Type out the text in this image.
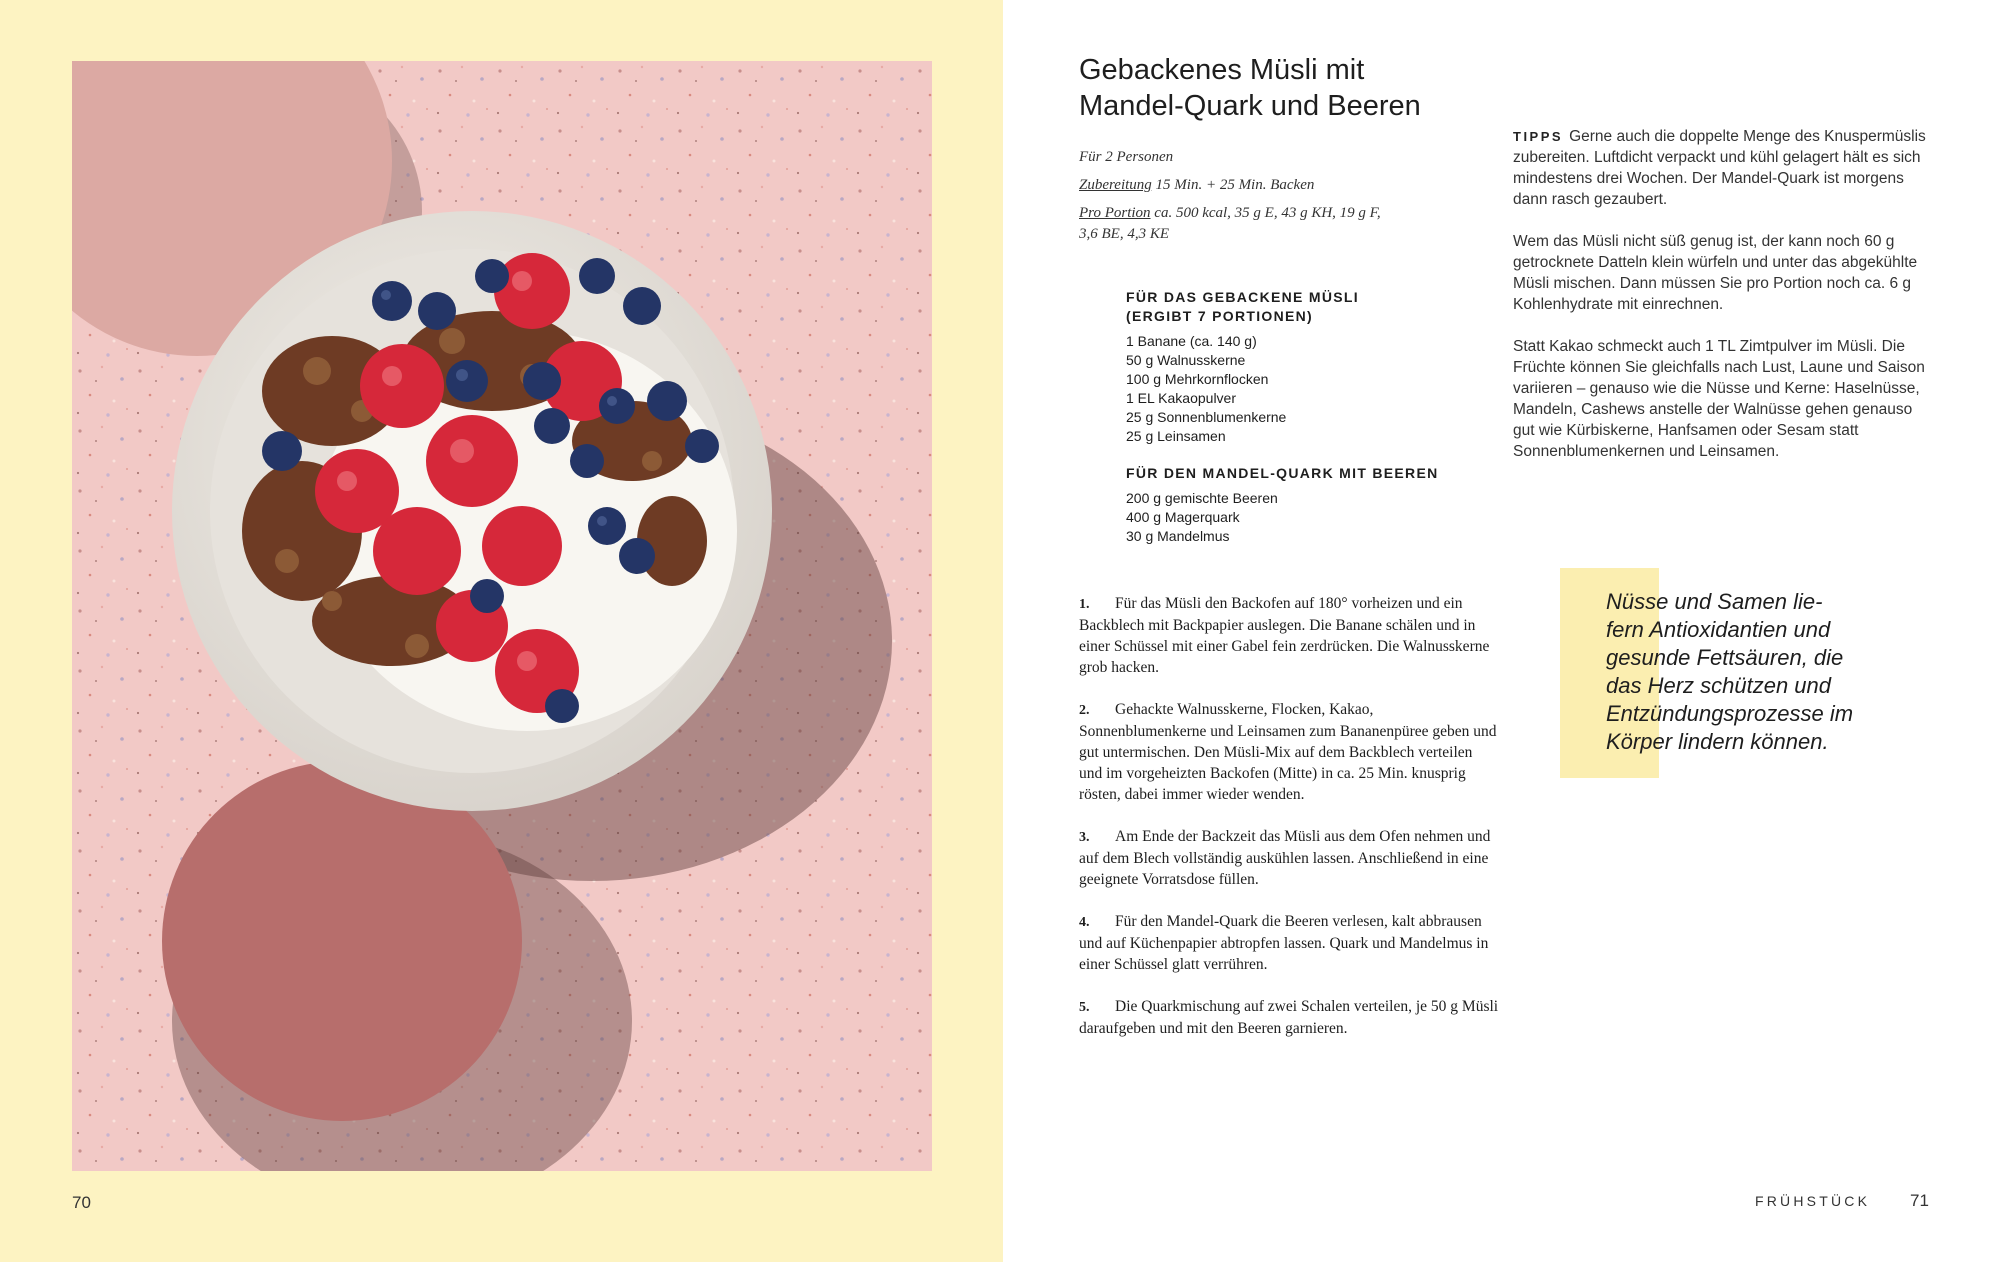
70
Gebackenes Müsli mit
Mandel-Quark und Beeren

Für 2 Personen

Zubereitung 15 Min. + 25 Min. Backen

Pro Portion ca. 500 kcal, 35 g E, 43 g KH, 19 g F,
3,6 BE, 4,3 KE

FÜR DAS GEBACKENE MÜSLI
(ERGIBT 7 PORTIONEN)
1 Banane (ca. 140 g)
50 g Walnusskerne
100 g Mehrkornflocken
1 EL Kakaopulver
25 g Sonnenblumenkerne
25 g Leinsamen
FÜR DEN MANDEL-QUARK MIT BEEREN
200 g gemischte Beeren
400 g Magerquark
30 g Mandelmus

1. Für das Müsli den Backofen auf 180° vorheizen und ein Backblech mit Backpapier auslegen. Die Banane schälen und in einer Schüssel mit einer Gabel fein zerdrücken. Die Walnusskerne grob hacken.

2. Gehackte Walnusskerne, Flocken, Kakao, Sonnenblumenkerne und Leinsamen zum Bananenpüree geben und gut untermischen. Den Müsli-Mix auf dem Backblech verteilen und im vorgeheizten Backofen (Mitte) in ca. 25 Min. knusprig rösten, dabei immer wieder wenden.

3. Am Ende der Backzeit das Müsli aus dem Ofen nehmen und auf dem Blech vollständig auskühlen lassen. Anschließend in eine geeignete Vorratsdose füllen.

4. Für den Mandel-Quark die Beeren verlesen, kalt abbrausen und auf Küchenpapier abtropfen lassen. Quark und Mandelmus in einer Schüssel glatt verrühren.

5. Die Quarkmischung auf zwei Schalen verteilen, je 50 g Müsli daraufgeben und mit den Beeren garnieren.

TIPPS Gerne auch die doppelte Menge des Knuspermüslis zubereiten. Luftdicht verpackt und kühl gelagert hält es sich mindestens drei Wochen. Der Mandel-Quark ist morgens dann rasch gezaubert.

Wem das Müsli nicht süß genug ist, der kann noch 60 g getrocknete Datteln klein würfeln und unter das abgekühlte Müsli mischen. Dann müssen Sie pro Portion noch ca. 6 g Kohlenhydrate mit einrechnen.

Statt Kakao schmeckt auch 1 TL Zimtpulver im Müsli. Die Früchte können Sie gleichfalls nach Lust, Laune und Saison variieren – genauso wie die Nüsse und Kerne: Haselnüsse, Mandeln, Cashews anstelle der Walnüsse gehen genauso gut wie Kürbiskerne, Hanfsamen oder Sesam statt Sonnenblumenkernen und Leinsamen.

Nüsse und Samen lie-
fern Antioxidantien und
gesunde Fettsäuren, die
das Herz schützen und
Entzündungsprozesse im
Körper lindern können.
FRÜHSTÜCK 71
